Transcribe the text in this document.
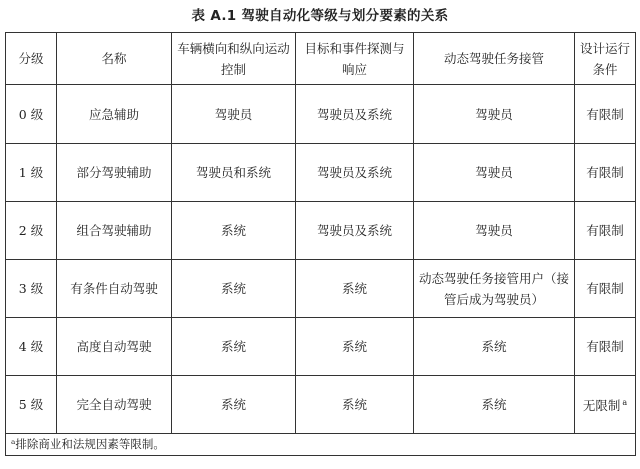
表 A.1 驾驶自动化等级与划分要素的关系
分级	名称	车辆横向和纵向运动控制	目标和事件探测与响应	动态驾驶任务接管	设计运行条件
0 级	应急辅助	驾驶员	驾驶员及系统	驾驶员	有限制
1 级	部分驾驶辅助	驾驶员和系统	驾驶员及系统	驾驶员	有限制
2 级	组合驾驶辅助	系统	驾驶员及系统	驾驶员	有限制
3 级	有条件自动驾驶	系统	系统	动态驾驶任务接管用户（接管后成为驾驶员）	有限制
4 级	高度自动驾驶	系统	系统	系统	有限制
5 级	完全自动驾驶	系统	系统	系统	无限制 $^a$
ᵃ排除商业和法规因素等限制。					
